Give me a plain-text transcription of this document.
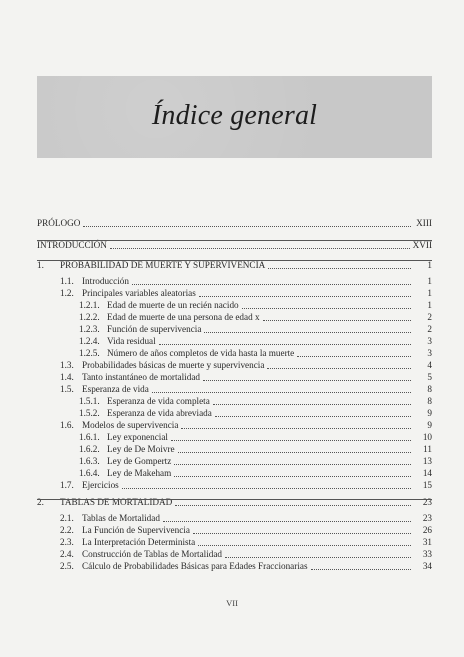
Índice general
PRÓLOGO	XIII
INTRODUCCIÓN	XVII
1. PROBABILIDAD DE MUERTE Y SUPERVIVENCIA	1
1.1. Introducción	1
1.2. Principales variables aleatorias	1
1.2.1. Edad de muerte de un recién nacido	1
1.2.2. Edad de muerte de una persona de edad x	2
1.2.3. Función de supervivencia	2
1.2.4. Vida residual	3
1.2.5. Número de años completos de vida hasta la muerte	3
1.3. Probabilidades básicas de muerte y supervivencia	4
1.4. Tanto instantáneo de mortalidad	5
1.5. Esperanza de vida	8
1.5.1. Esperanza de vida completa	8
1.5.2. Esperanza de vida abreviada	9
1.6. Modelos de supervivencia	9
1.6.1. Ley exponencial	10
1.6.2. Ley de De Moivre	11
1.6.3. Ley de Gompertz	13
1.6.4. Ley de Makeham	14
1.7. Ejercicios	15
2. TABLAS DE MORTALIDAD	23
2.1. Tablas de Mortalidad	23
2.2. La Función de Supervivencia	26
2.3. La Interpretación Determinista	31
2.4. Construcción de Tablas de Mortalidad	33
2.5. Cálculo de Probabilidades Básicas para Edades Fraccionarias	34
VII
